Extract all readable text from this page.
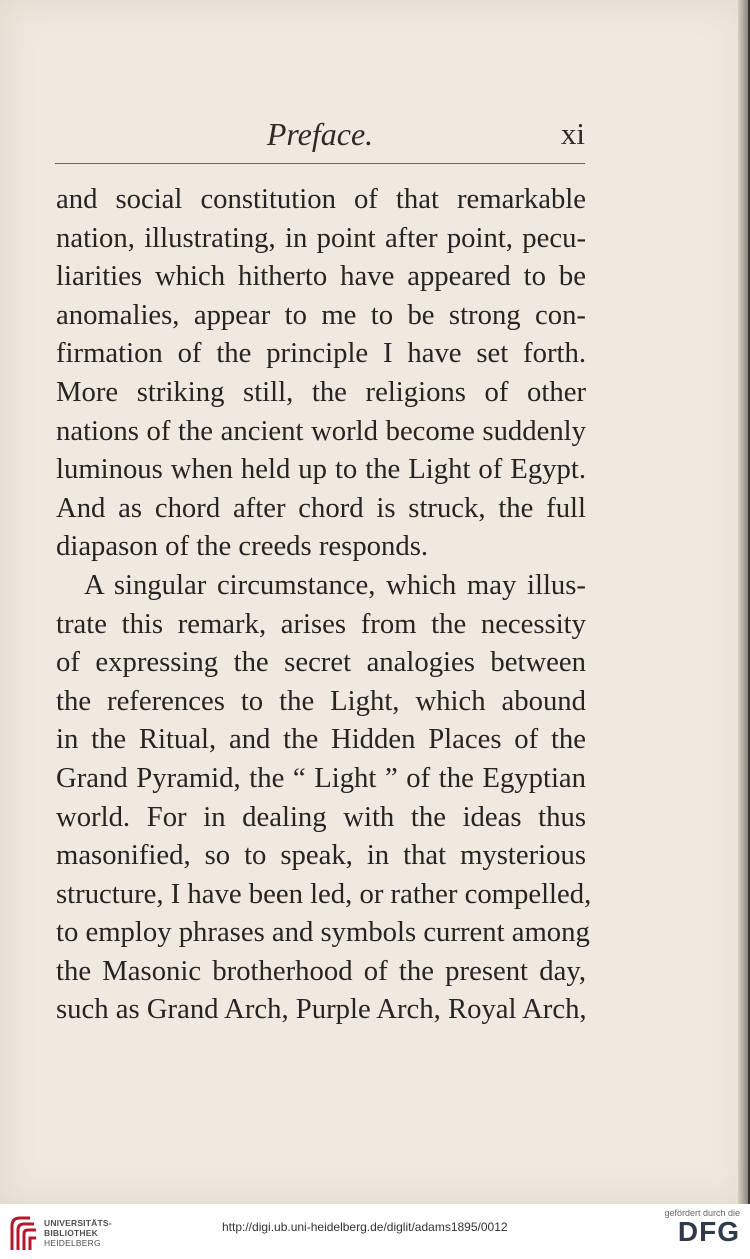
Preface.	xi
and social constitution of that remarkable
nation, illustrating, in point after point, pecu-
liarities which hitherto have appeared to be
anomalies, appear to me to be strong con-
firmation of the principle I have set forth.
More striking still, the religions of other
nations of the ancient world become suddenly
luminous when held up to the Light of Egypt.
And as chord after chord is struck, the full
diapason of the creeds responds.
A singular circumstance, which may illus-
trate this remark, arises from the necessity
of expressing the secret analogies between
the references to the Light, which abound
in the Ritual, and the Hidden Places of the
Grand Pyramid, the “ Light ” of the Egyptian
world. For in dealing with the ideas thus
masonified, so to speak, in that mysterious
structure, I have been led, or rather compelled,
to employ phrases and symbols current among
the Masonic brotherhood of the present day,
such as Grand Arch, Purple Arch, Royal Arch,
UNIVERSITÄTS-
BIBLIOTHEK
HEIDELBERG
http://digi.ub.uni-heidelberg.de/diglit/adams1895/0012
gefördert durch die
DFG
